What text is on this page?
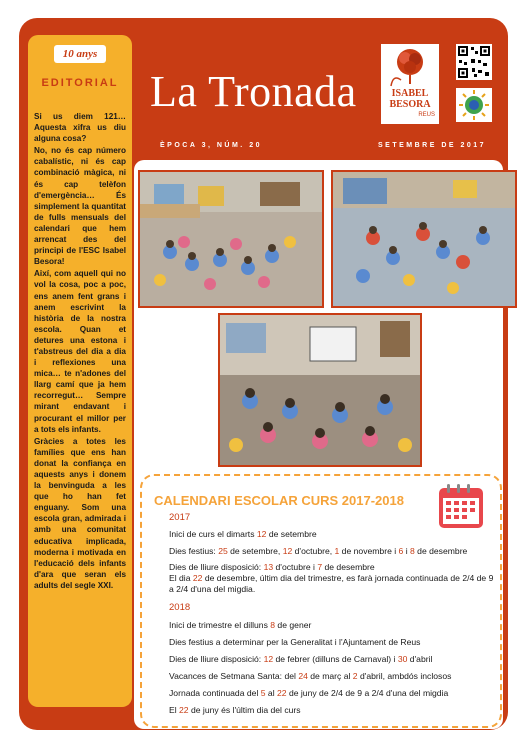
10 anys
EDITORIAL

Si us diem 121… Aquesta xifra us diu alguna cosa?

No, no és cap número cabalístic, ni és cap combinació màgica, ni és cap telèfon d'emergència… És simplement la quantitat de fulls mensuals del calendari que hem arrencat des del principi de l'ESC Isabel Besora!

Així, com aquell qui no vol la cosa, poc a poc, ens anem fent grans i anem escrivint la història de la nostra escola. Quan et detures una estona i t'abstreus del dia a dia i reflexiones una mica… te n'adones del llarg camí que ja hem recorregut… Sempre mirant endavant i procurant el millor per a tots els infants.

Gràcies a totes les famílies que ens han donat la confiança en aquests anys i donem la benvinguda a les que ho han fet enguany. Som una escola gran, admirada i amb una comunitat educativa implicada, moderna i motivada en l'educació dels infants d'ara que seran els adults del segle XXI.

La Tronada
ÈPOCA 3, NÚM. 20	SETEMBRE DE 2017
ISABEL BESORA
REUS
CALENDARI ESCOLAR CURS 2017-2018
2017
Inici de curs el dimarts 12 de setembre
Dies festius: 25 de setembre, 12 d'octubre, 1 de novembre i 6 i 8 de desembre
Dies de lliure disposició: 13 d'octubre i 7 de desembre
El dia 22 de desembre, últim dia del trimestre, es farà jornada continuada de 2/4 de 9 a 2/4 d'una del migdia.
2018
Inici de trimestre el dilluns 8 de gener
Dies festius a determinar per la Generalitat i l'Ajuntament de Reus
Dies de lliure disposició: 12 de febrer (dilluns de Carnaval) i 30 d'abril
Vacances de Setmana Santa: del 24 de març al 2 d'abril, ambdós inclosos
Jornada continuada del 5 al 22 de juny de 2/4 de 9 a 2/4 d'una del migdia
El 22 de juny és l'últim dia del curs
